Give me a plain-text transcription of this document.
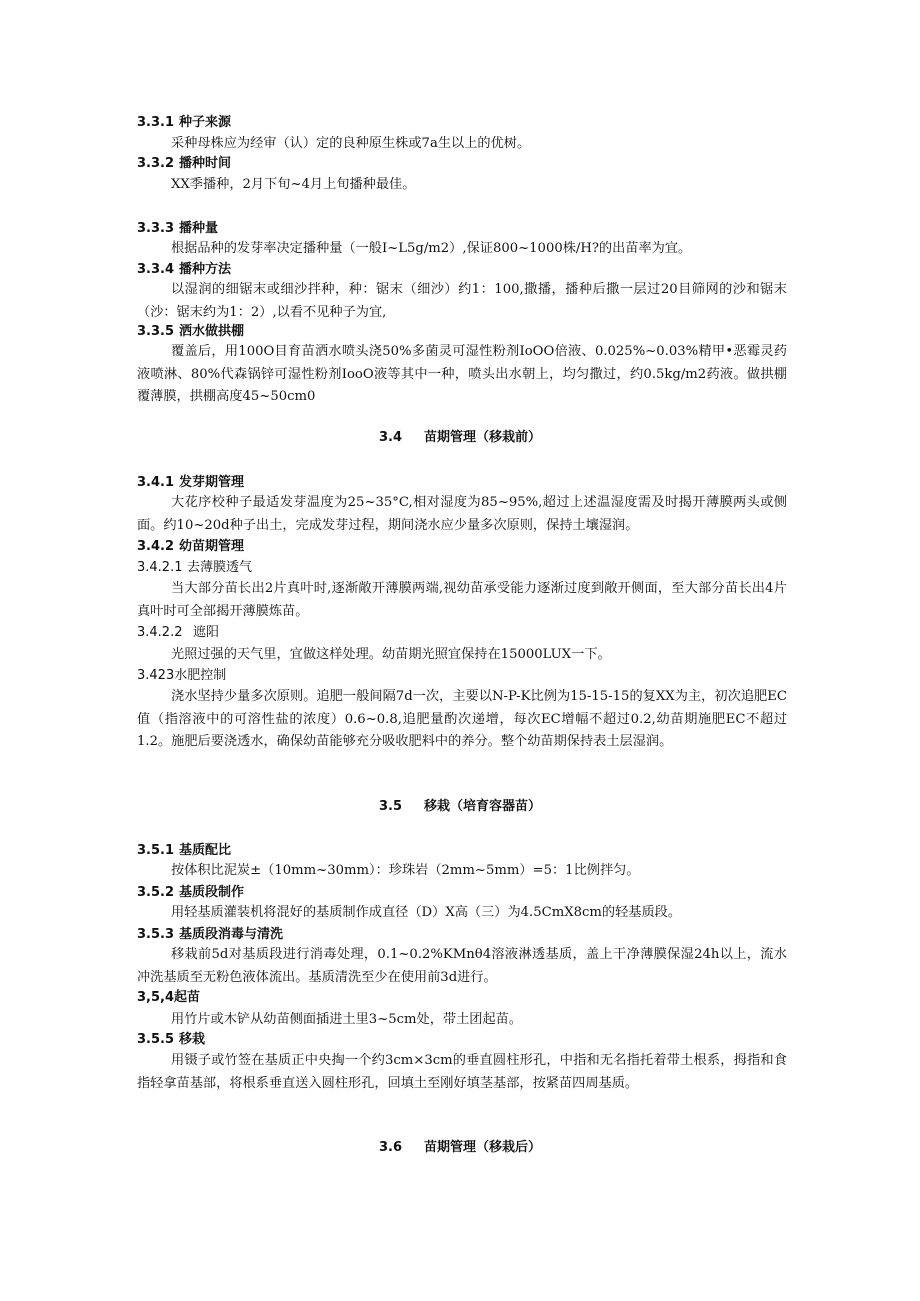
3.3.1 种子来源
采种母株应为经审（认）定的良种原生株或7a生以上的优树。
3.3.2 播种时间
XX季播种，2月下旬~4月上旬播种最佳。
3.3.3 播种量
根据品种的发芽率决定播种量（一般I~L5g∕m2）,保证800~1000株/H?的出苗率为宜。
3.3.4 播种方法
以湿润的细锯末或细沙拌种，种：锯末（细沙）约1：100,撒播，播种后撒一层过20目筛网的沙和锯末（沙：锯末约为1：2）,以看不见种子为宜,
3.3.5 洒水做拱棚
覆盖后，用100O目育苗洒水喷头浇50%多菌灵可湿性粉剂IoOO倍液、0.025%~0.03%精甲•恶霉灵药液喷淋、80%代森锅锌可湿性粉剂IooO液等其中一种，喷头出水朝上，均匀撒过，约0.5kg∕m2药液。做拱棚覆薄膜，拱棚高度45~50cm0
3.4 苗期管理（移栽前）
3.4.1 发芽期管理
大花序校种子最适发芽温度为25~35°C,相对湿度为85~95%,超过上述温湿度需及时揭开薄膜两头或侧面。约10~20d种子出土，完成发芽过程，期间浇水应少量多次原则，保持土壤湿润。
3.4.2 幼苗期管理
3.4.2.1 去薄膜透气
当大部分苗长出2片真叶时,逐渐敞开薄膜两端,视幼苗承受能力逐渐过度到敞开侧面，至大部分苗长出4片真叶时可全部揭开薄膜炼苗。
3.4.2.2 遮阳
光照过强的天气里，宜做这样处理。幼苗期光照宜保持在15000LUX一下。
3.423水肥控制
浇水坚持少量多次原则。追肥一般间隔7d一次，主要以N-P-K比例为15-15-15的复XX为主，初次追肥EC值（指溶液中的可溶性盐的浓度）0.6~0.8,追肥量酌次递增，每次EC增幅不超过0.2,幼苗期施肥EC不超过1.2。施肥后要浇透水，确保幼苗能够充分吸收肥料中的养分。整个幼苗期保持表土层湿润。
3.5 移栽（培育容器苗）
3.5.1 基质配比
按体积比泥炭±（10mm~30mm）：珍珠岩（2mm~5mm）=5：1比例拌匀。
3.5.2 基质段制作
用轻基质灌装机将混好的基质制作成直径（D）X高（三）为4.5CmX8cm的轻基质段。
3.5.3 基质段消毒与清洗
移栽前5d对基质段进行消毒处理，0.1~0.2%KMnθ4溶液淋透基质，盖上干净薄膜保湿24h以上，流水冲洗基质至无粉色液体流出。基质清洗至少在使用前3d进行。
3,5,4起苗
用竹片或木铲从幼苗侧面插进土里3~5cm处，带土团起苗。
3.5.5 移栽
用镊子或竹签在基质正中央掏一个约3cm×3cm的垂直圆柱形孔，中指和无名指托着带土根系，拇指和食指轻拿苗基部，将根系垂直送入圆柱形孔，回填土至刚好填茎基部，按紧苗四周基质。
3.6 苗期管理（移栽后）
